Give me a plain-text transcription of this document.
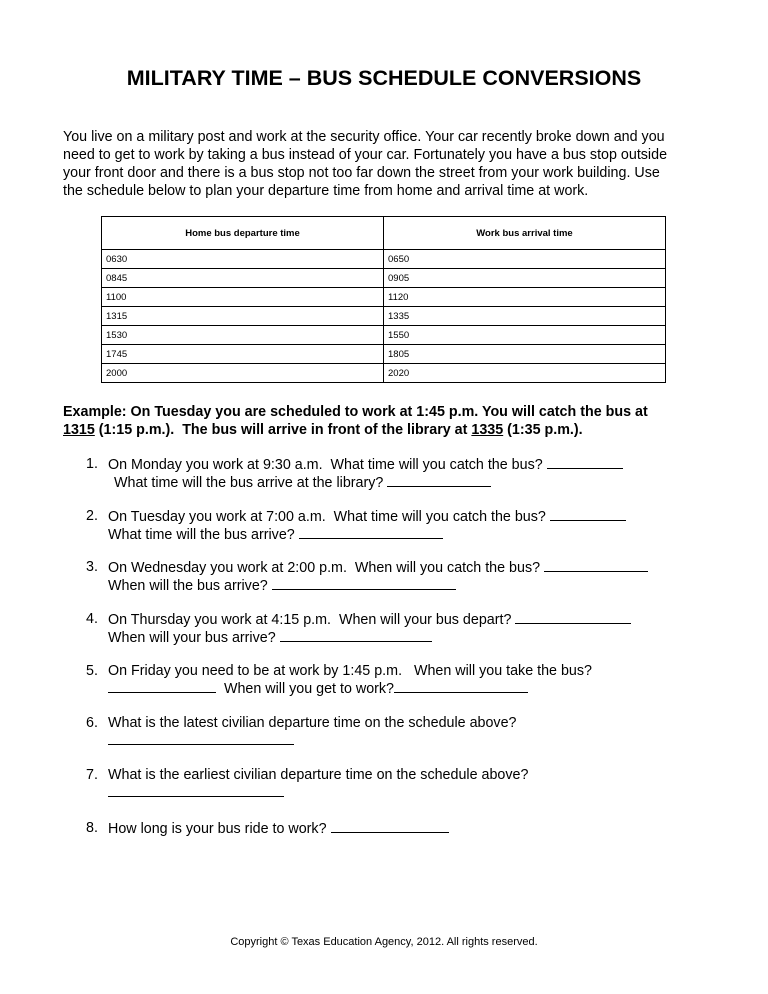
MILITARY TIME – BUS SCHEDULE CONVERSIONS

You live on a military post and work at the security office. Your car recently broke down and you
need to get to work by taking a bus instead of your car. Fortunately you have a bus stop outside
your front door and there is a bus stop not too far down the street from your work building. Use
the schedule below to plan your departure time from home and arrival time at work.

Home bus departure time	Work bus arrival time
0630	0650
0845	0905
1100	1120
1315	1335
1530	1550
1745	1805
2000	2020

Example: On Tuesday you are scheduled to work at 1:45 p.m. You will catch the bus at
1315 (1:15 p.m.).  The bus will arrive in front of the library at 1335 (1:35 p.m.).

1. On Monday you work at 9:30 a.m.  What time will you catch the bus?
What time will the bus arrive at the library?
2. On Tuesday you work at 7:00 a.m.  What time will you catch the bus?
What time will the bus arrive?
3. On Wednesday you work at 2:00 p.m.  When will you catch the bus?
When will the bus arrive?
4. On Thursday you work at 4:15 p.m.  When will your bus depart?
When will your bus arrive?
5. On Friday you need to be at work by 1:45 p.m.   When will you take the bus?
When will you get to work?
6. What is the latest civilian departure time on the schedule above?
7. What is the earliest civilian departure time on the schedule above?
8. How long is your bus ride to work?
Copyright © Texas Education Agency, 2012. All rights reserved.
